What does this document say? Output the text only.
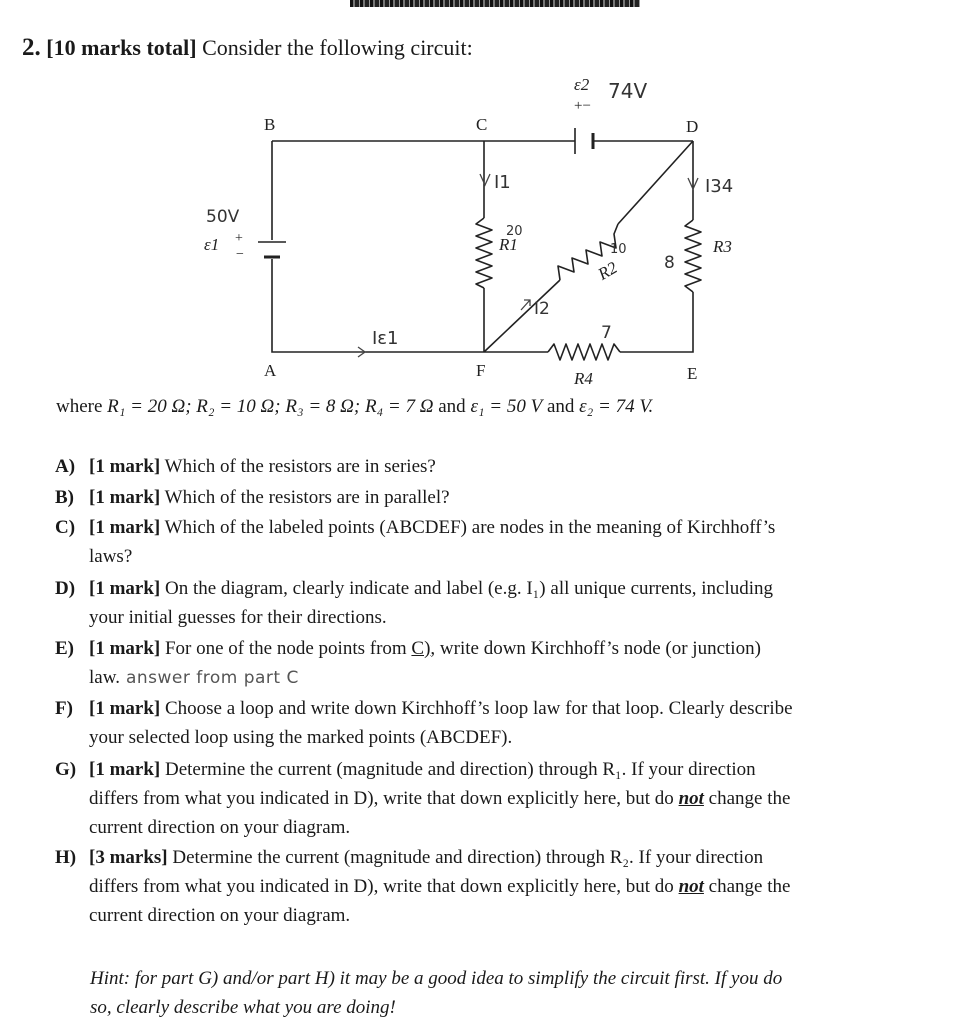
2. [10 marks total] Consider the following circuit:
B	C	D
A	F	E
R1
R2
R3
R4
ε1
ε2
+
−
+−
50V
74V
20
10
8
7
I1	I34
I2
Iε1
where R₁ = 20 Ω; R₂ = 10 Ω; R₃ = 8 Ω; R₄ = 7 Ω and ε₁ = 50 V and ε₂ = 74 V.
A) [1 mark] Which of the resistors are in series?
B) [1 mark] Which of the resistors are in parallel?
C) [1 mark] Which of the labeled points (ABCDEF) are nodes in the meaning of Kirchhoff’s
laws?
D) [1 mark] On the diagram, clearly indicate and label (e.g. I₁) all unique currents, including
your initial guesses for their directions.
E) [1 mark] For one of the node points from C), write down Kirchhoff’s node (or junction)
law. answer from part C
F) [1 mark] Choose a loop and write down Kirchhoff’s loop law for that loop. Clearly describe
your selected loop using the marked points (ABCDEF).
G) [1 mark] Determine the current (magnitude and direction) through R₁. If your direction
differs from what you indicated in D), write that down explicitly here, but do not change the
current direction on your diagram.
H) [3 marks] Determine the current (magnitude and direction) through R₂. If your direction
differs from what you indicated in D), write that down explicitly here, but do not change the
current direction on your diagram.
Hint: for part G) and/or part H) it may be a good idea to simplify the circuit first. If you do
so, clearly describe what you are doing!
